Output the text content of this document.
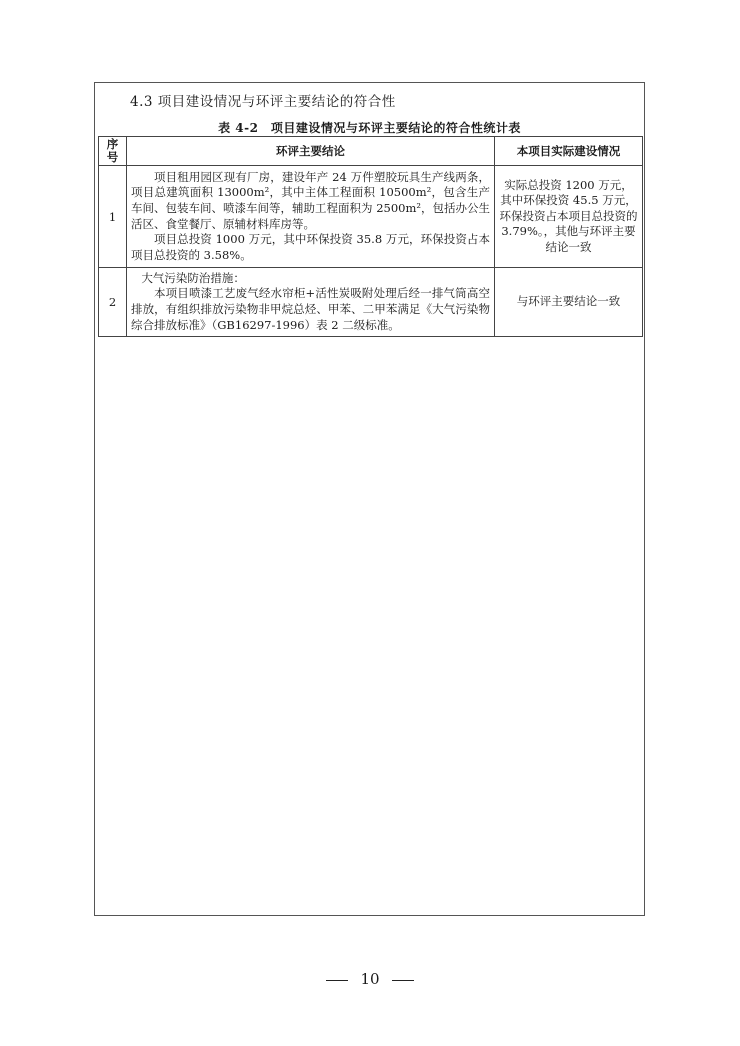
4.3 项目建设情况与环评主要结论的符合性
表 4-2　项目建设情况与环评主要结论的符合性统计表
序号	环评主要结论	本项目实际建设情况
1	项目租用园区现有厂房，建设年产 24 万件塑胶玩具生产线两条，项目总建筑面积 13000m²，其中主体工程面积 10500m²，包含生产车间、包装车间、喷漆车间等，辅助工程面积为 2500m²，包括办公生活区、食堂餐厅、原辅材料库房等。

项目总投资 1000 万元，其中环保投资 35.8 万元，环保投资占本项目总投资的 3.58%。	实际总投资 1200 万元，其中环保投资 45.5 万元，环保投资占本项目总投资的 3.79%。，其他与环评主要结论一致
2	大气污染防治措施：

本项目喷漆工艺废气经水帘柜+活性炭吸附处理后经一排气筒高空排放，有组织排放污染物非甲烷总烃、甲苯、二甲苯满足《大气污染物综合排放标准》（GB16297-1996）表 2 二级标准。	与环评主要结论一致
10
